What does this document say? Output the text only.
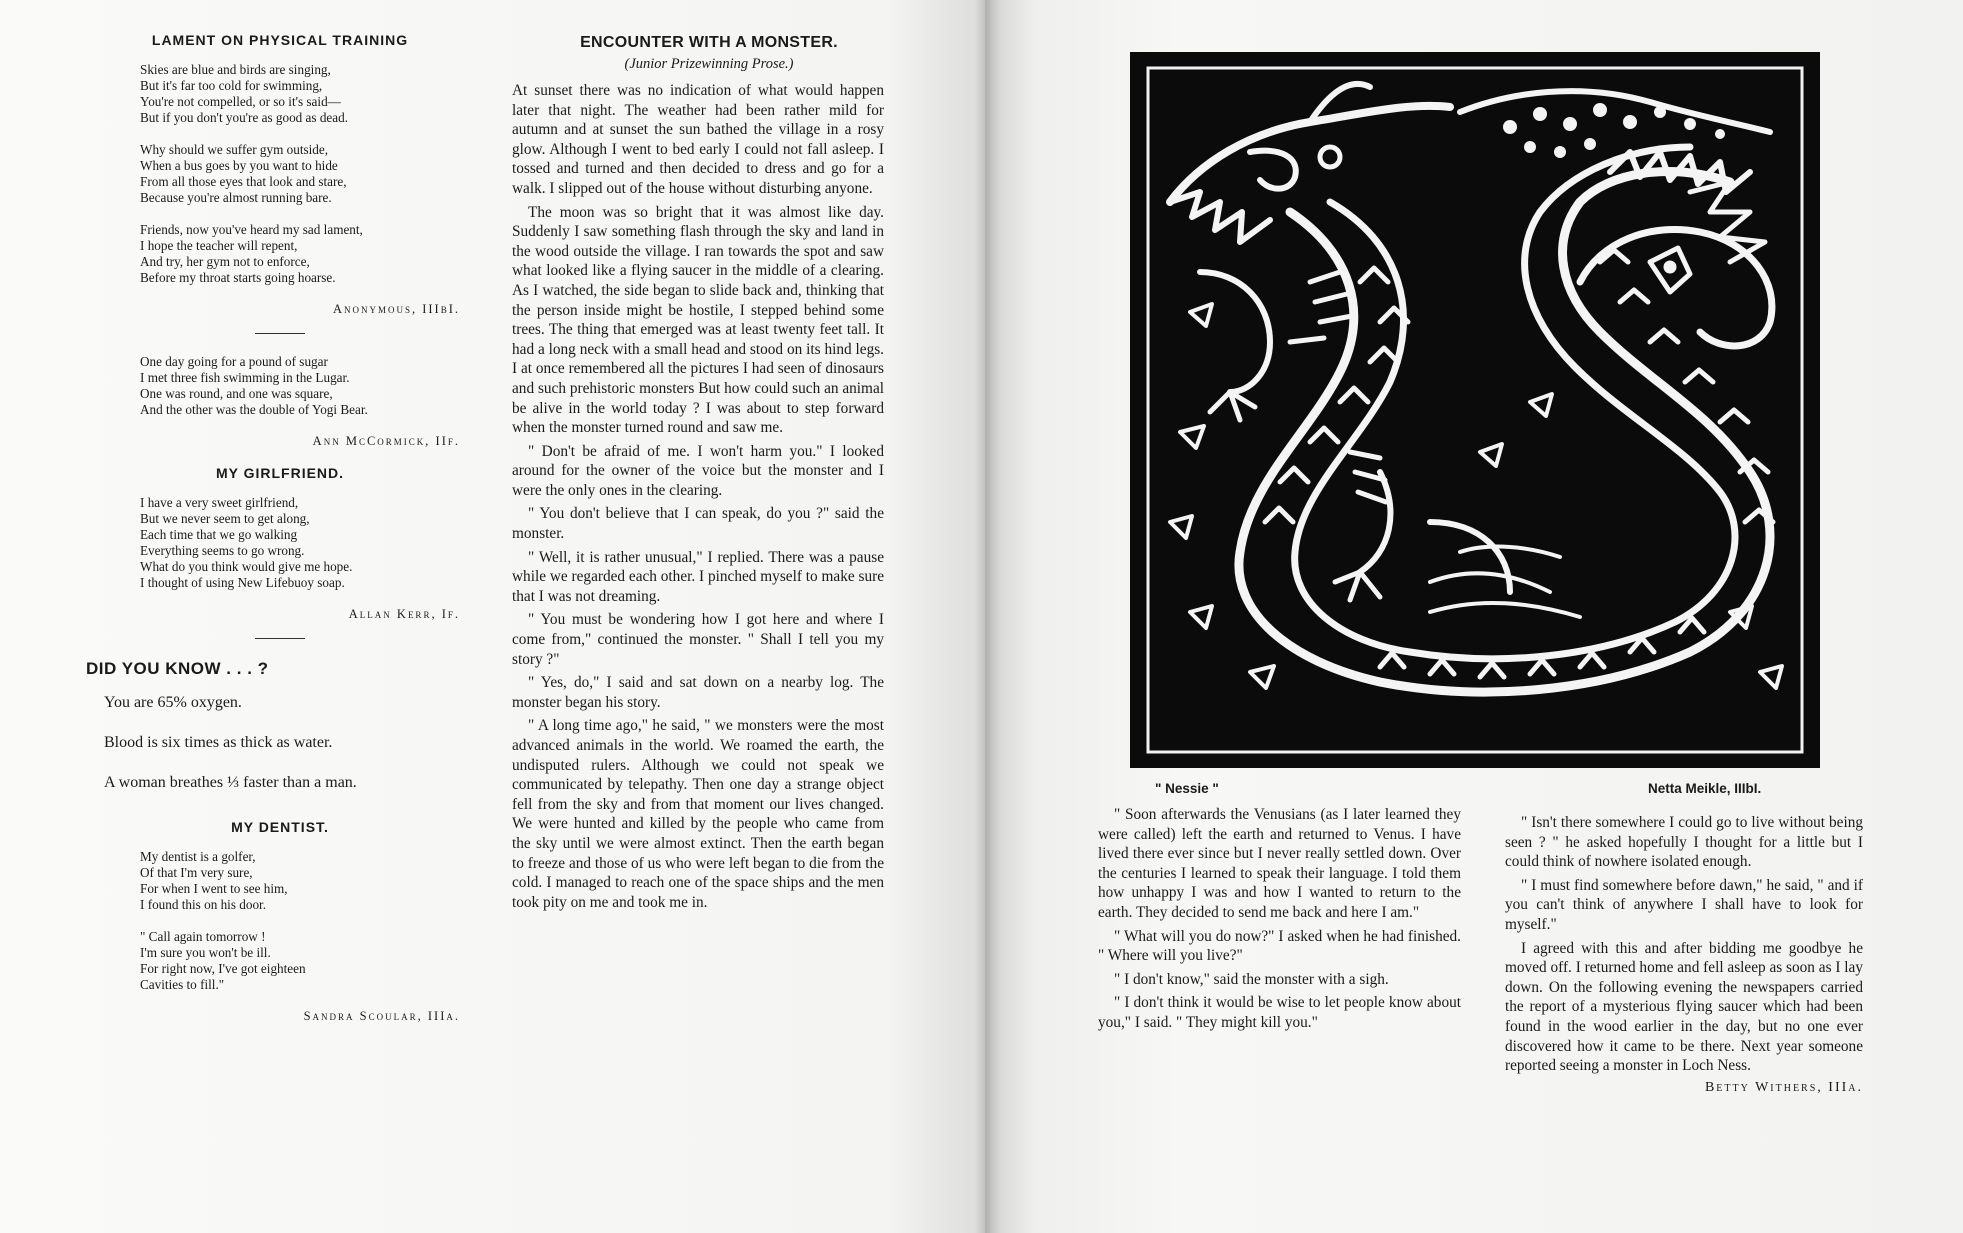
LAMENT ON PHYSICAL TRAINING
Skies are blue and birds are singing,
But it's far too cold for swimming,
You're not compelled, or so it's said—
But if you don't you're as good as dead.
Why should we suffer gym outside,
When a bus goes by you want to hide
From all those eyes that look and stare,
Because you're almost running bare.
Friends, now you've heard my sad lament,
I hope the teacher will repent,
And try, her gym not to enforce,
Before my throat starts going hoarse.
Anonymous, IIIbI.
One day going for a pound of sugar
I met three fish swimming in the Lugar.
One was round, and one was square,
And the other was the double of Yogi Bear.
Ann McCormick, IIf.
MY GIRLFRIEND.
I have a very sweet girlfriend,
But we never seem to get along,
Each time that we go walking
Everything seems to go wrong.
What do you think would give me hope.
I thought of using New Lifebuoy soap.
Allan Kerr, If.
DID YOU KNOW . . . ?
You are 65% oxygen.
Blood is six times as thick as water.
A woman breathes ⅓ faster than a man.
MY DENTIST.
My dentist is a golfer,
Of that I'm very sure,
For when I went to see him,
I found this on his door.
" Call again tomorrow !
I'm sure you won't be ill.
For right now, I've got eighteen
Cavities to fill."
Sandra Scoular, IIIa.
ENCOUNTER WITH A MONSTER.
(Junior Prizewinning Prose.)

At sunset there was no indication of what would happen later that night. The weather had been rather mild for autumn and at sunset the sun bathed the village in a rosy glow. Although I went to bed early I could not fall asleep. I tossed and turned and then decided to dress and go for a walk. I slipped out of the house without disturbing anyone.

The moon was so bright that it was almost like day. Suddenly I saw something flash through the sky and land in the wood outside the village. I ran towards the spot and saw what looked like a flying saucer in the middle of a clearing. As I watched, the side began to slide back and, thinking that the person inside might be hostile, I stepped behind some trees. The thing that emerged was at least twenty feet tall. It had a long neck with a small head and stood on its hind legs. I at once remembered all the pictures I had seen of dinosaurs and such prehistoric monsters But how could such an animal be alive in the world today ? I was about to step forward when the monster turned round and saw me.

" Don't be afraid of me. I won't harm you." I looked around for the owner of the voice but the monster and I were the only ones in the clearing.

" You don't believe that I can speak, do you ?" said the monster.

" Well, it is rather unusual," I replied. There was a pause while we regarded each other. I pinched myself to make sure that I was not dreaming.

" You must be wondering how I got here and where I come from," continued the monster. " Shall I tell you my story ?"

" Yes, do," I said and sat down on a nearby log. The monster began his story.

" A long time ago," he said, " we monsters were the most advanced animals in the world. We roamed the earth, the undisputed rulers. Although we could not speak we communicated by telepathy. Then one day a strange object fell from the sky and from that moment our lives changed. We were hunted and killed by the people who came from the sky until we were almost extinct. Then the earth began to freeze and those of us who were left began to die from the cold. I managed to reach one of the space ships and the men took pity on me and took me in.

" Nessie "	Netta Meikle, IIIbI.

" Soon afterwards the Venusians (as I later learned they were called) left the earth and returned to Venus. I have lived there ever since but I never really settled down. Over the centuries I learned to speak their language. I told them how unhappy I was and how I wanted to return to the earth. They decided to send me back and here I am."

" What will you do now?" I asked when he had finished. " Where will you live?"

" I don't know," said the monster with a sigh.

" I don't think it would be wise to let people know about you," I said. " They might kill you."

" Isn't there somewhere I could go to live without being seen ? " he asked hopefully I thought for a little but I could think of nowhere isolated enough.

" I must find somewhere before dawn," he said, " and if you can't think of anywhere I shall have to look for myself."

I agreed with this and after bidding me goodbye he moved off. I returned home and fell asleep as soon as I lay down. On the following evening the newspapers carried the report of a mysterious flying saucer which had been found in the wood earlier in the day, but no one ever discovered how it came to be there. Next year someone reported seeing a monster in Loch Ness.

Betty Withers, IIIa.
